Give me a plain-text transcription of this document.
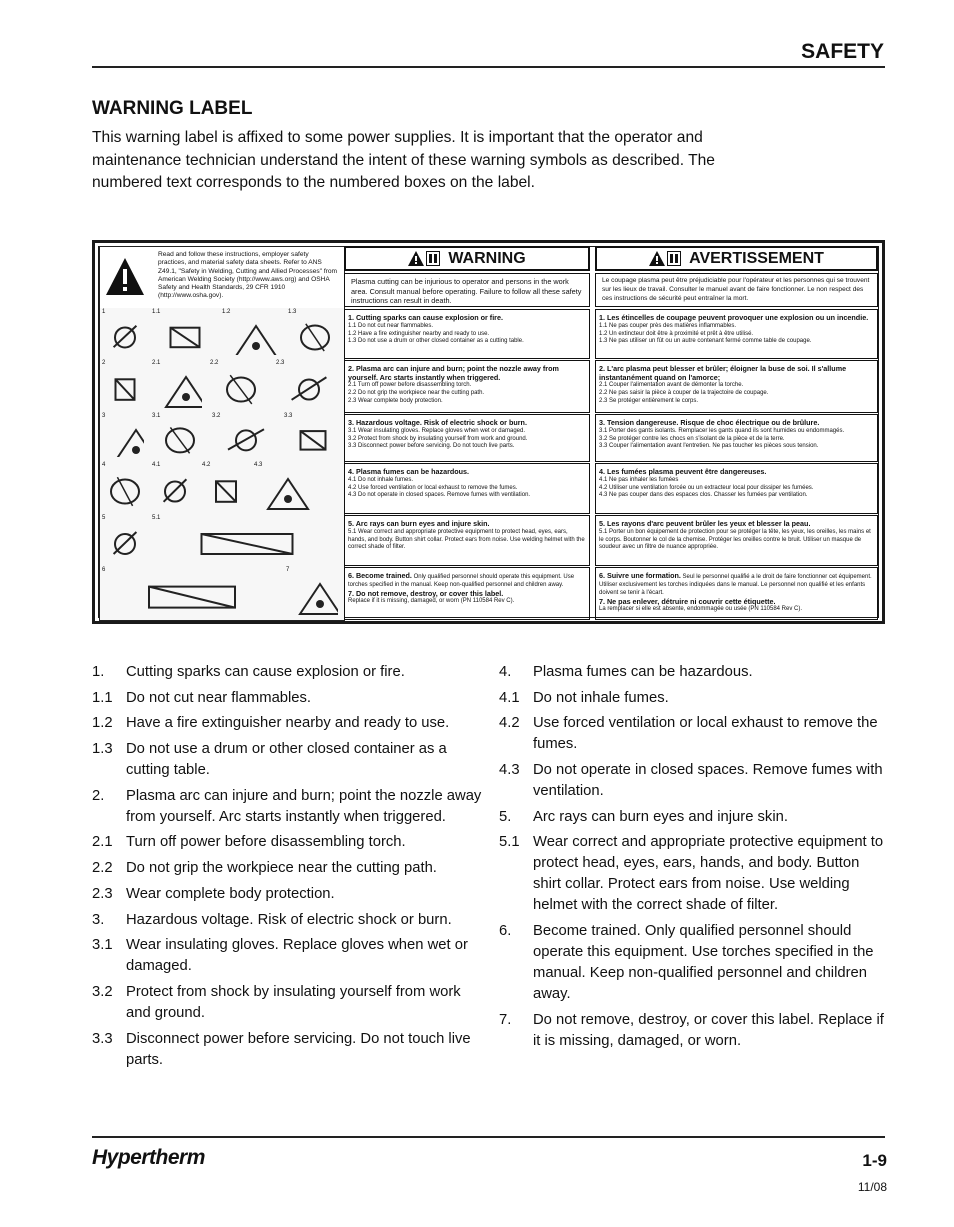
SAFETY
WARNING LABEL
This warning label is affixed to some power supplies. It is important that the operator and maintenance technician understand the intent of these warning symbols as described. The numbered text corresponds to the numbered boxes on the label.
Read and follow these instructions, employer safety practices, and material safety data sheets. Refer to ANS Z49.1, "Safety in Welding, Cutting and Allied Processes" from American Welding Society (http://www.aws.org) and OSHA Safety and Health Standards, 29 CFR 1910 (http://www.osha.gov).
1	1.1	1.2	1.3
2	2.1	2.2	2.3
3	3.1	3.2	3.3
4	4.1	4.2	4.3
5	5.1
6	7
WARNING
Plasma cutting can be injurious to operator and persons in the work area. Consult manual before operating. Failure to follow all these safety instructions can result in death.
1. Cutting sparks can cause explosion or fire.
1.1 Do not cut near flammables.
1.2 Have a fire extinguisher nearby and ready to use.
1.3 Do not use a drum or other closed container as a cutting table.
2. Plasma arc can injure and burn; point the nozzle away from yourself. Arc starts instantly when triggered.
2.1 Turn off power before disassembling torch.
2.2 Do not grip the workpiece near the cutting path.
2.3 Wear complete body protection.
3. Hazardous voltage. Risk of electric shock or burn.
3.1 Wear insulating gloves. Replace gloves when wet or damaged.
3.2 Protect from shock by insulating yourself from work and ground.
3.3 Disconnect power before servicing. Do not touch live parts.
4. Plasma fumes can be hazardous.
4.1 Do not inhale fumes.
4.2 Use forced ventilation or local exhaust to remove the fumes.
4.3 Do not operate in closed spaces. Remove fumes with ventilation.
5. Arc rays can burn eyes and injure skin.
5.1 Wear correct and appropriate protective equipment to protect head, eyes, ears, hands, and body. Button shirt collar. Protect ears from noise. Use welding helmet with the correct shade of filter.
6. Become trained. Only qualified personnel should operate this equipment. Use torches specified in the manual. Keep non-qualified personnel and children away.
7. Do not remove, destroy, or cover this label.
Replace if it is missing, damaged, or worn (PN 110584 Rev C).
AVERTISSEMENT
Le coupage plasma peut être préjudiciable pour l'opérateur et les personnes qui se trouvent sur les lieux de travail. Consulter le manuel avant de faire fonctionner. Le non respect des ces instructions de sécurité peut entraîner la mort.
1. Les étincelles de coupage peuvent provoquer une explosion ou un incendie.
1.1 Ne pas couper près des matières inflammables.
1.2 Un extincteur doit être à proximité et prêt à être utilisé.
1.3 Ne pas utiliser un fût ou un autre contenant fermé comme table de coupage.
2. L'arc plasma peut blesser et brûler; éloigner la buse de soi. Il s'allume instantanément quand on l'amorce;
2.1 Couper l'alimentation avant de démonter la torche.
2.2 Ne pas saisir la pièce à couper de la trajectoire de coupage.
2.3 Se protéger entièrement le corps.
3. Tension dangereuse. Risque de choc électrique ou de brûlure.
3.1 Porter des gants isolants. Remplacer les gants quand ils sont humides ou endommagés.
3.2 Se protéger contre les chocs en s'isolant de la pièce et de la terre.
3.3 Couper l'alimentation avant l'entretien. Ne pas toucher les pièces sous tension.
4. Les fumées plasma peuvent être dangereuses.
4.1 Ne pas inhaler les fumées
4.2 Utiliser une ventilation forcée ou un extracteur local pour dissiper les fumées.
4.3 Ne pas couper dans des espaces clos. Chasser les fumées par ventilation.
5. Les rayons d'arc peuvent brûler les yeux et blesser la peau.
5.1 Porter un bon équipement de protection pour se protéger la tête, les yeux, les oreilles, les mains et le corps. Boutonner le col de la chemise. Protéger les oreilles contre le bruit. Utiliser un masque de soudeur avec un filtre de nuance appropriée.
6. Suivre une formation. Seul le personnel qualifié a le droit de faire fonctionner cet équipement. Utiliser exclusivement les torches indiquées dans le manual. Le personnel non qualifié et les enfants doivent se tenir à l'écart.
7. Ne pas enlever, détruire ni couvrir cette étiquette.
La remplacer si elle est absente, endommagée ou usée (PN 110584 Rev C).
1.	Cutting sparks can cause explosion or fire.
1.1 Do not cut near flammables.
1.2 Have a fire extinguisher nearby and ready to use.
1.3 Do not use a drum or other closed container as a cutting table.
2.	Plasma arc can injure and burn; point the nozzle away from yourself. Arc starts instantly when triggered.
2.1 Turn off power before disassembling torch.
2.2 Do not grip the workpiece near the cutting path.
2.3 Wear complete body protection.
3.	Hazardous voltage. Risk of electric shock or burn.
3.1 Wear insulating gloves. Replace gloves when wet or damaged.
3.2 Protect from shock by insulating yourself from work and ground.
3.3 Disconnect power before servicing. Do not touch live parts.
4.	Plasma fumes can be hazardous.
4.1 Do not inhale fumes.
4.2 Use forced ventilation or local exhaust to remove the fumes.
4.3 Do not operate in closed spaces. Remove fumes with ventilation.
5.	Arc rays can burn eyes and injure skin.
5.1 Wear correct and appropriate protective equipment to protect head, eyes, ears, hands, and body. Button shirt collar. Protect ears from noise. Use welding helmet with the correct shade of filter.
6.	Become trained. Only qualified personnel should operate this equipment. Use torches specified in the manual. Keep non-qualified personnel and children away.
7.	Do not remove, destroy, or cover this label. Replace if it is missing, damaged, or worn.
Hypertherm	1-9
11/08
